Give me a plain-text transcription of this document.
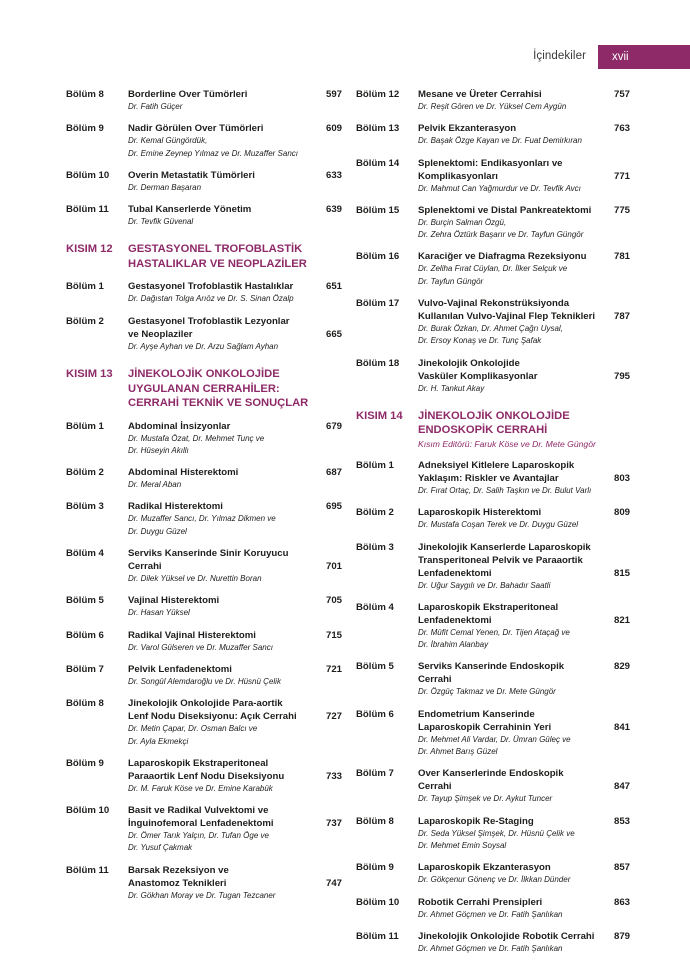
İçindekiler	xvii
Bölüm 8	Borderline Over Tümörleri
Dr. Fatih Güçer
597
Bölüm 9	Nadir Görülen Over Tümörleri
Dr. Kemal Güngördük,
Dr. Emine Zeynep Yılmaz ve Dr. Muzaffer Sancı
609
Bölüm 10 Overin Metastatik Tümörleri
Dr. Derman Başaran
633
Bölüm 11 Tubal Kanserlerde Yönetim
Dr. Tevfik Güvenal
639
KISIM 12 GESTASYONEL TROFOBLASTİK
HASTALIKLAR VE NEOPLAZİLER
Bölüm 1	Gestasyonel Trofoblastik Hastalıklar
Dr. Dağıstan Tolga Arıöz ve Dr. S. Sinan Özalp
651
Bölüm 2	Gestasyonel Trofoblastik Lezyonlar
ve Neoplaziler
Dr. Ayşe Ayhan ve Dr. Arzu Sağlam Ayhan
665
KISIM 13 JİNEKOLOJİK ONKOLOJİDE
UYGULANAN CERRAHİLER:
CERRAHİ TEKNİK VE SONUÇLAR
Bölüm 1	Abdominal İnsizyonlar
Dr. Mustafa Özat, Dr. Mehmet Tunç ve
Dr. Hüseyin Akıllı
679
Bölüm 2	Abdominal Histerektomi
Dr. Meral Aban
687
Bölüm 3	Radikal Histerektomi
Dr. Muzaffer Sancı, Dr. Yılmaz Dikmen ve
Dr. Duygu Güzel
695
Bölüm 4	Serviks Kanserinde Sinir Koruyucu
Cerrahi
Dr. Dilek Yüksel ve Dr. Nurettin Boran
701
Bölüm 5	Vajinal Histerektomi
Dr. Hasan Yüksel
705
Bölüm 6	Radikal Vajinal Histerektomi
Dr. Varol Gülseren ve Dr. Muzaffer Sancı
715
Bölüm 7	Pelvik Lenfadenektomi
Dr. Songül Alemdaroğlu ve Dr. Hüsnü Çelik
721
Bölüm 8	Jinekolojik Onkolojide Para-aortik
Lenf Nodu Diseksiyonu: Açık Cerrahi
Dr. Metin Çapar, Dr. Osman Balcı ve
Dr. Ayla Ekmekçi
727
Bölüm 9	Laparoskopik Ekstraperitoneal
Paraaortik Lenf Nodu Diseksiyonu
Dr. M. Faruk Köse ve Dr. Emine Karabük
733
Bölüm 10 Basit ve Radikal Vulvektomi ve
İnguinofemoral Lenfadenektomi
Dr. Ömer Tarık Yalçın, Dr. Tufan Öge ve
Dr. Yusuf Çakmak
737
Bölüm 11 Barsak Rezeksiyon ve
Anastomoz Teknikleri
Dr. Gökhan Moray ve Dr. Tugan Tezcaner
747
Bölüm 12 Mesane ve Üreter Cerrahisi
Dr. Reşit Gören ve Dr. Yüksel Cem Aygün
757
Bölüm 13 Pelvik Ekzanterasyon
Dr. Başak Özge Kayan ve Dr. Fuat Demirkıran
763
Bölüm 14 Splenektomi: Endikasyonları ve
Komplikasyonları
Dr. Mahmut Can Yağmurdur ve Dr. Tevfik Avcı
771
Bölüm 15 Splenektomi ve Distal Pankreatektomi
Dr. Burçin Salman Özgü,
Dr. Zehra Öztürk Başarır ve Dr. Tayfun Güngör
775
Bölüm 16 Karaciğer ve Diafragma Rezeksiyonu
Dr. Zeliha Fırat Cüylan, Dr. İlker Selçuk ve
Dr. Tayfun Güngör
781
Bölüm 17 Vulvo-Vajinal Rekonstrüksiyonda
Kullanılan Vulvo-Vajinal Flep Teknikleri
Dr. Burak Özkan, Dr. Ahmet Çağrı Uysal,
Dr. Ersoy Konaş ve Dr. Tunç Şafak
787
Bölüm 18 Jinekolojik Onkolojide
Vasküler Komplikasyonlar
Dr. H. Tankut Akay
795
KISIM 14 JİNEKOLOJİK ONKOLOJİDE
ENDOSKOPİK CERRAHİ
Kısım Editörü: Faruk Köse ve Dr. Mete Güngör
Bölüm 1	Adneksiyel Kitlelere Laparoskopik
Yaklaşım: Riskler ve Avantajlar
Dr. Fırat Ortaç, Dr. Salih Taşkın ve Dr. Bulut Varlı
803
Bölüm 2	Laparoskopik Histerektomi
Dr. Mustafa Coşan Terek ve Dr. Duygu Güzel
809
Bölüm 3	Jinekolojik Kanserlerde Laparoskopik
Transperitoneal Pelvik ve Paraaortik
Lenfadenektomi
Dr. Uğur Saygılı ve Dr. Bahadır Saatli
815
Bölüm 4	Laparoskopik Ekstraperitoneal
Lenfadenektomi
Dr. Müfit Cemal Yenen, Dr. Tijen Ataçağ ve
Dr. İbrahim Alanbay
821
Bölüm 5	Serviks Kanserinde Endoskopik Cerrahi
Dr. Özgüç Takmaz ve Dr. Mete Güngör
829
Bölüm 6	Endometrium Kanserinde
Laparoskopik Cerrahinin Yeri
Dr. Mehmet Ali Vardar, Dr. Ümran Güleç ve
Dr. Ahmet Barış Güzel
841
Bölüm 7	Over Kanserlerinde Endoskopik
Cerrahi
Dr. Tayup Şimşek ve Dr. Aykut Tuncer
847
Bölüm 8	Laparoskopik Re-Staging
Dr. Seda Yüksel Şimşek, Dr. Hüsnü Çelik ve
Dr. Mehmet Emin Soysal
853
Bölüm 9	Laparoskopik Ekzanterasyon
Dr. Gökçenur Gönenç ve Dr. İlkkan Dünder
857
Bölüm 10 Robotik Cerrahi Prensipleri
Dr. Ahmet Göçmen ve Dr. Fatih Şanlıkan
863
Bölüm 11 Jinekolojik Onkolojide Robotik Cerrahi
Dr. Ahmet Göçmen ve Dr. Fatih Şanlıkan
879
